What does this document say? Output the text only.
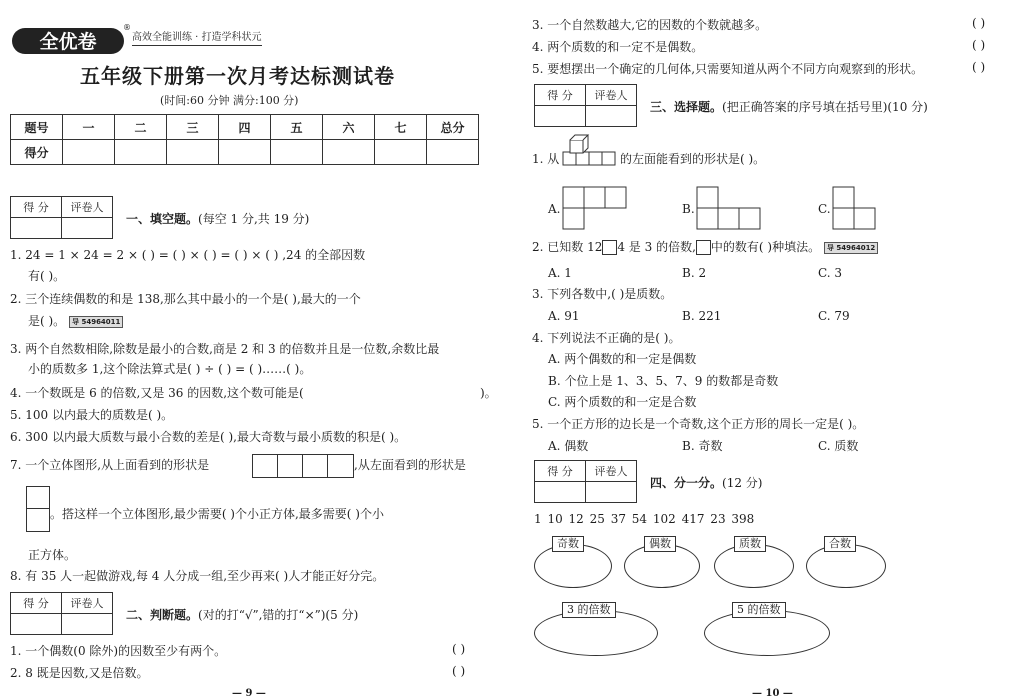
全优卷
®
高效全能训练 · 打造学科状元
五年级下册第一次月考达标测试卷
(时间:60 分钟 满分:100 分)
题号	一	二	三	四	五	六	七	总分
得分								
得 分	评卷人

一、填空题。(每空 1 分,共 19 分)
1. 24 = 1 × 24 = 2 × ( ) = ( ) × ( ) = ( ) × ( ) ,24 的全部因数
有( )。
2. 三个连续偶数的和是 138,那么其中最小的一个是( ),最大的一个
是( )。 导 54964011
3. 两个自然数相除,除数是最小的合数,商是 2 和 3 的倍数并且是一位数,余数比最
小的质数多 1,这个除法算式是( ) ÷ ( ) = ( )……( )。
4. 一个数既是 6 的倍数,又是 36 的因数,这个数可能是(	)。
5. 100 以内最大的质数是( )。
6. 300 以内最大质数与最小合数的差是( ),最大奇数与最小质数的积是( )。
7. 一个立体图形,从上面看到的形状是	,从左面看到的形状是
。搭这样一个立体图形,最少需要( )个小正方体,最多需要( )个小
正方体。
8. 有 35 人一起做游戏,每 4 人分成一组,至少再来( )人才能正好分完。
得 分	评卷人

二、判断题。(对的打“√”,错的打“×”)(5 分)
1. 一个偶数(0 除外)的因数至少有两个。	( )
2. 8 既是因数,又是倍数。	( )
— 9 —
3. 一个自然数越大,它的因数的个数就越多。	( )
4. 两个质数的和一定不是偶数。	( )
5. 要想摆出一个确定的几何体,只需要知道从两个不同方向观察到的形状。	( )
得 分	评卷人

三、选择题。(把正确答案的序号填在括号里)(10 分)
1. 从	的左面能看到的形状是( )。
A.	B.	C.
2. 已知数 12 4 是 3 的倍数, 中的数有( )种填法。 导 54964012
A. 1	B. 2	C. 3
3. 下列各数中,( )是质数。
A. 91	B. 221	C. 79
4. 下列说法不正确的是( )。
A. 两个偶数的和一定是偶数
B. 个位上是 1、3、5、7、9 的数都是奇数
C. 两个质数的和一定是合数
5. 一个正方形的边长是一个奇数,这个正方形的周长一定是( )。
A. 偶数	B. 奇数	C. 质数
得 分	评卷人

四、分一分。(12 分)
1 10 12 25 37 54 102 417 23 398
奇数	偶数	质数	合数
3 的倍数	5 的倍数
— 10 —
